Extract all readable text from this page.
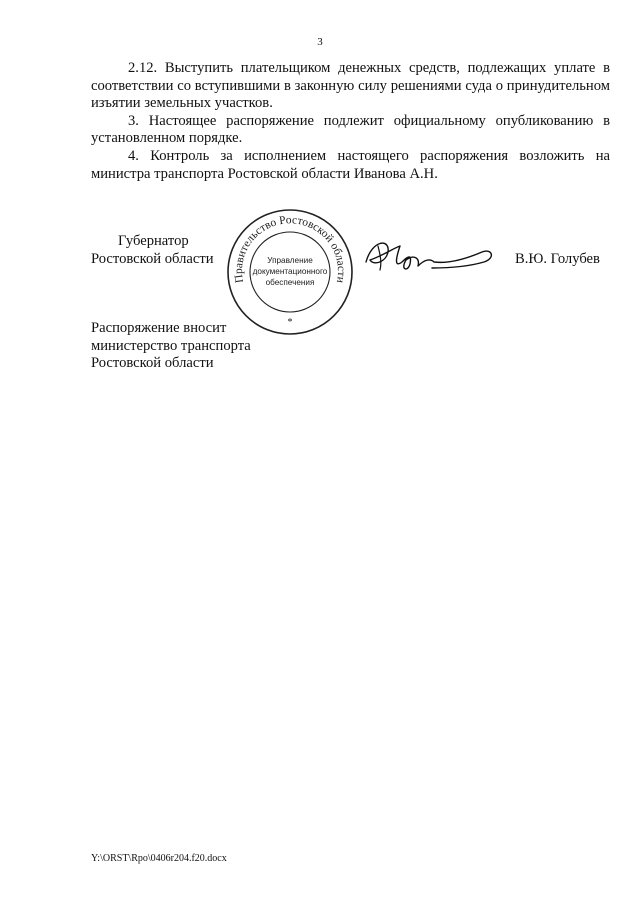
3

2.12. Выступить плательщиком денежных средств, подлежащих уплате в соответствии со вступившими в законную силу решениями суда о принудительном изъятии земельных участков.

3. Настоящее распоряжение подлежит официальному опубликованию в установленном порядке.

4. Контроль за исполнением настоящего распоряжения возложить на министра транспорта Ростовской области Иванова А.Н.

Губернатор
Ростовской области
Правительство Ростовской области
Управление
документационного
обеспечения
*
В.Ю. Голубев
Распоряжение вносит
министерство транспорта
Ростовской области
Y:\ORST\Rpo\0406r204.f20.docx
